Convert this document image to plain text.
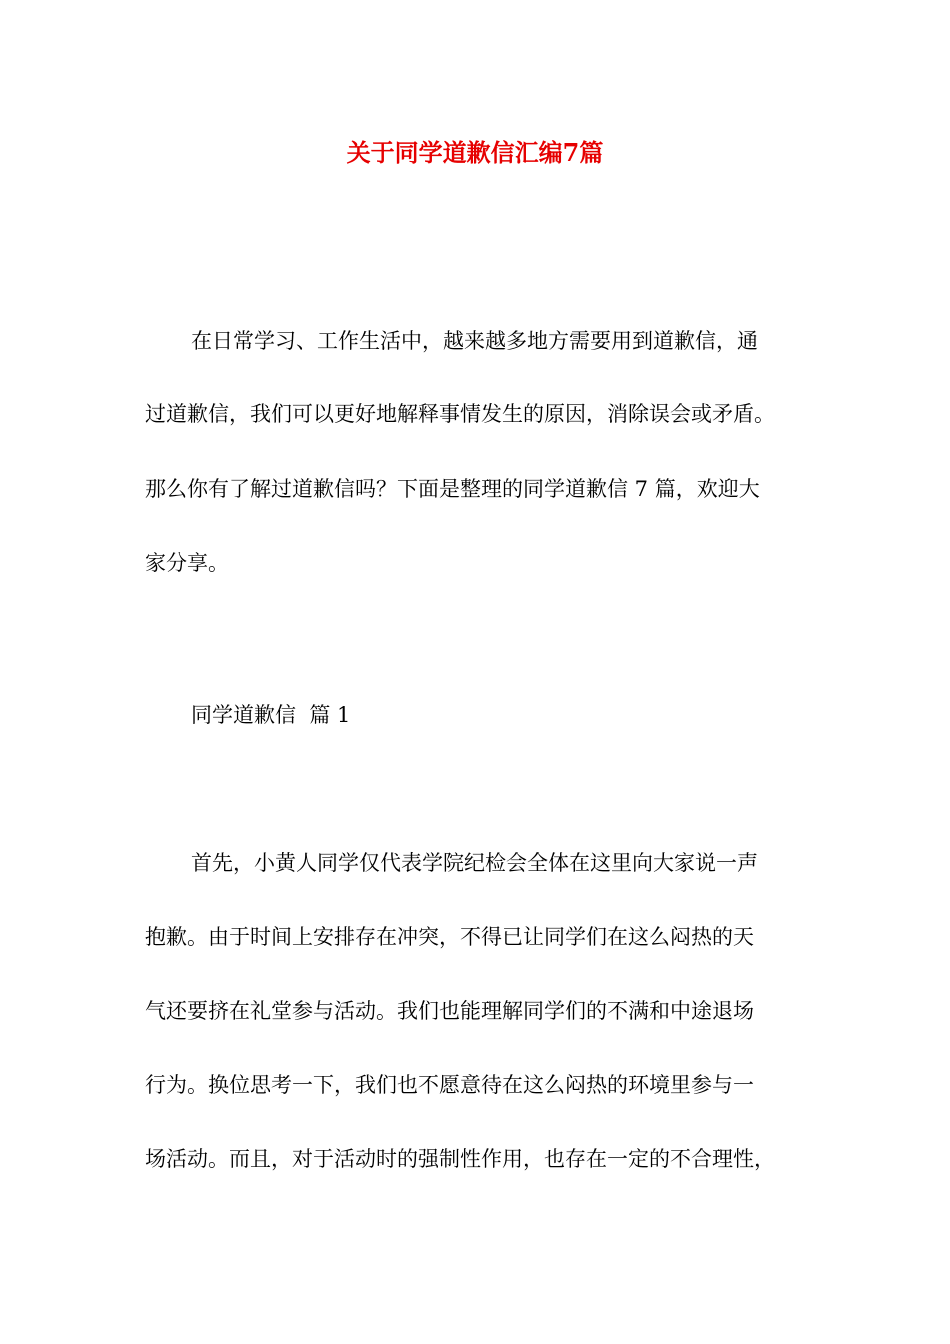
关于同学道歉信汇编7篇
在日常学习、工作生活中，越来越多地方需要用到道歉信，通
过道歉信，我们可以更好地解释事情发生的原因，消除误会或矛盾。
那么你有了解过道歉信吗？下面是整理的同学道歉信 7 篇，欢迎大
家分享。
同学道歉信  篇 1
首先，小黄人同学仅代表学院纪检会全体在这里向大家说一声
抱歉。由于时间上安排存在冲突，不得已让同学们在这么闷热的天
气还要挤在礼堂参与活动。我们也能理解同学们的不满和中途退场
行为。换位思考一下，我们也不愿意待在这么闷热的环境里参与一
场活动。而且，对于活动时的强制性作用，也存在一定的不合理性，
